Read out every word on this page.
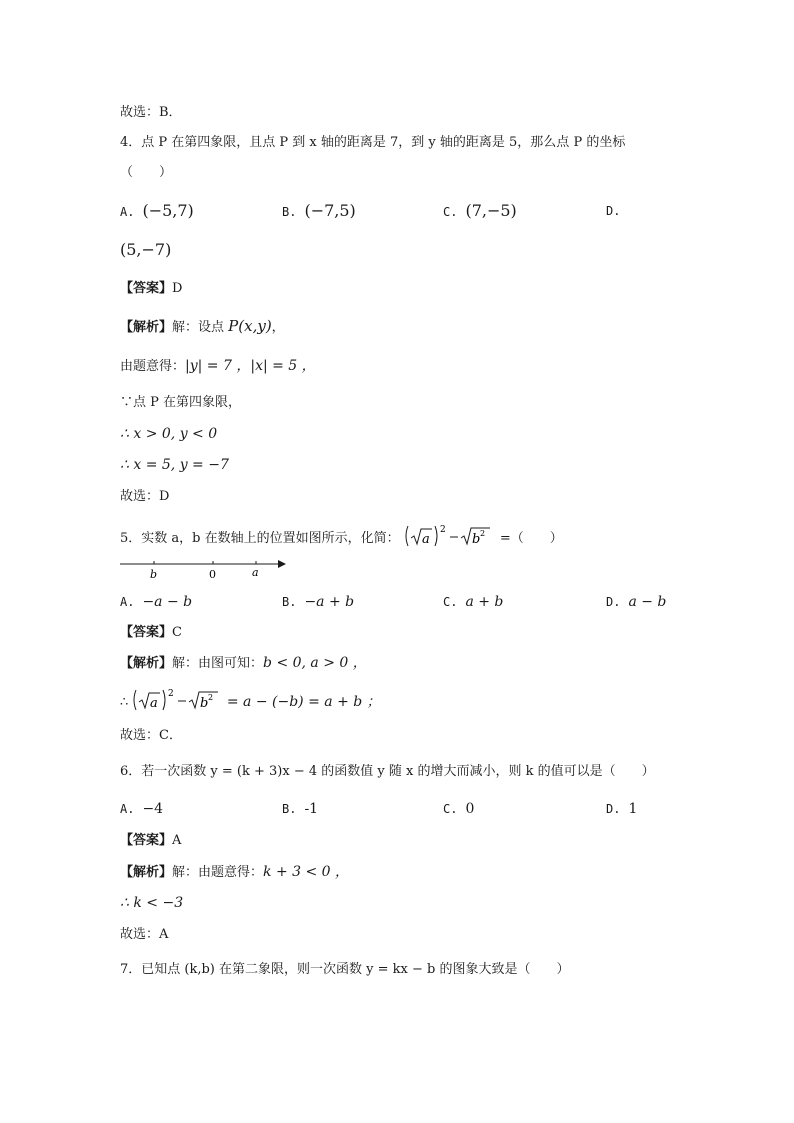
故选：B．
4．点 P 在第四象限，且点 P 到 x 轴的距离是 7，到 y 轴的距离是 5，那么点 P 的坐标
（　　）
A. (−5,7)	B. (−7,5)	C. (7,−5)	D.
(5,−7)
【答案】D
【解析】解：设点 P(x,y)，
由题意得：|y| = 7 ，|x| = 5 ，
∵点 P 在第四象限，
∴ x > 0, y < 0
∴ x = 5, y = −7
故选：D
5．实数 a，b 在数轴上的位置如图所示，化简： a
2
b 2 =（　　）
b	0	a
A. −a − b	B. −a + b	C. a + b	D. a − b
【答案】C
【解析】解：由图可知：b < 0, a > 0 ，
∴ a
2
b 2 = a − (−b) = a + b ；
故选：C．
6．若一次函数 y = (k + 3)x − 4 的函数值 y 随 x 的增大而减小，则 k 的值可以是（　　）
A. −4	B. -1	C. 0	D. 1
【答案】A
【解析】解：由题意得：k + 3 < 0 ，
∴ k < −3
故选：A
7．已知点 (k,b) 在第二象限，则一次函数 y = kx − b 的图象大致是（　　）
